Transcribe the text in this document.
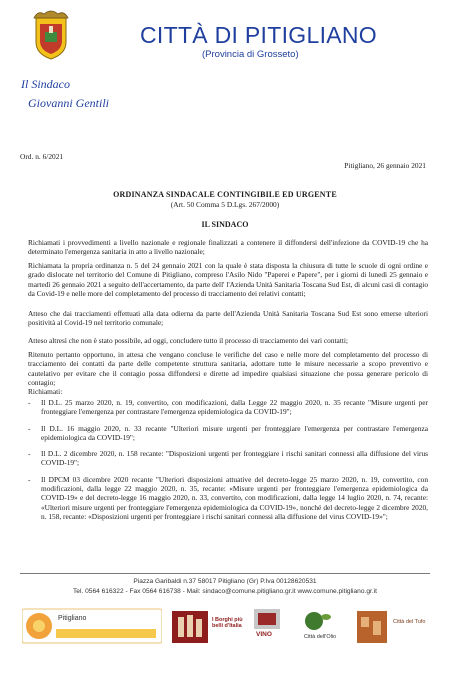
CITTÀ DI PITIGLIANO
(Provincia di Grosseto)
Il Sindaco
Giovanni Gentili
Ord. n. 6/2021
Pitigliano, 26 gennaio 2021
ORDINANZA SINDACALE CONTINGIBILE ED URGENTE
(Art. 50 Comma 5 D.Lgs. 267/2000)
IL SINDACO
Richiamati i provvedimenti a livello nazionale e regionale finalizzati a contenere il diffondersi dell'infezione da COVID-19 che ha determinato l'emergenza sanitaria in atto a livello nazionale;
Richiamata la propria ordinanza n. 5 del 24 gennaio 2021 con la quale è stata disposta la chiusura di tutte le scuole di ogni ordine e grado dislocate nel territorio del Comune di Pitigliano, compreso l'Asilo Nido "Paperei e Papere", per i giorni di lunedì 25 gennaio e martedì 26 gennaio 2021 a seguito dell'accertamento, da parte dell' l'Azienda Unità Sanitaria Toscana Sud Est, di alcuni casi di contagio da Covid-19 e nelle more del completamento del processo di tracciamento dei relativi contatti;
Atteso che dai tracciamenti effettuati alla data odierna da parte dell'Azienda Unità Sanitaria Toscana Sud Est sono emerse ulteriori positività al Covid-19 nel territorio comunale;
Atteso altresì che non è stato possibile, ad oggi, concludere tutto il processo di tracciamento dei vari contatti;
Ritenuto pertanto opportuno, in attesa che vengano concluse le verifiche del caso e nelle more del completamento del processo di tracciamento dei contatti da parte delle competente struttura sanitaria, adottare tutte le misure necessarie a scopo preventivo e cautelativo per evitare che il contagio possa diffondersi e dirette ad impedire qualsiasi situazione che possa generare pericolo di contagio;
Richiamati:
- Il D.L. 25 marzo 2020, n. 19, convertito, con modificazioni, dalla Legge 22 maggio 2020, n. 35 recante "Misure urgenti per fronteggiare l'emergenza per contrastare l'emergenza epidemiologica da COVID-19";
- Il D.L. 16 maggio 2020, n. 33 recante "Ulteriori misure urgenti per fronteggiare l'emergenza per contrastare l'emergenza epidemiologica da COVID-19";
- Il D.L. 2 dicembre 2020, n. 158 recante: "Disposizioni urgenti per fronteggiare i rischi sanitari connessi alla diffusione del virus COVID-19";
- Il DPCM 03 dicembre 2020 recante "Ulteriori disposizioni attuative del decreto-legge 25 marzo 2020, n. 19, convertito, con modificazioni, dalla legge 22 maggio 2020, n. 35, recante: «Misure urgenti per fronteggiare l'emergenza epidemiologica da COVID-19» e del decreto-legge 16 maggio 2020, n. 33, convertito, con modificazioni, dalla legge 14 luglio 2020, n. 74, recante: «Ulteriori misure urgenti per fronteggiare l'emergenza epidemiologica da COVID-19», nonché del decreto-legge 2 dicembre 2020, n. 158, recante: «Disposizioni urgenti per fronteggiare i rischi sanitari connessi alla diffusione del virus COVID-19»";
Piazza Garibaldi n.37 58017 Pitigliano (Gr) P.Iva 00128620531
Tel. 0564 616322 - Fax 0564 616738 - Mail: sindaco@comune.pitigliano.gr.it www.comune.pitigliano.gr.it
Pitigliano	I Borghi più belli d'Italia
VINO	Città dell'Olio
Città del Tufo
